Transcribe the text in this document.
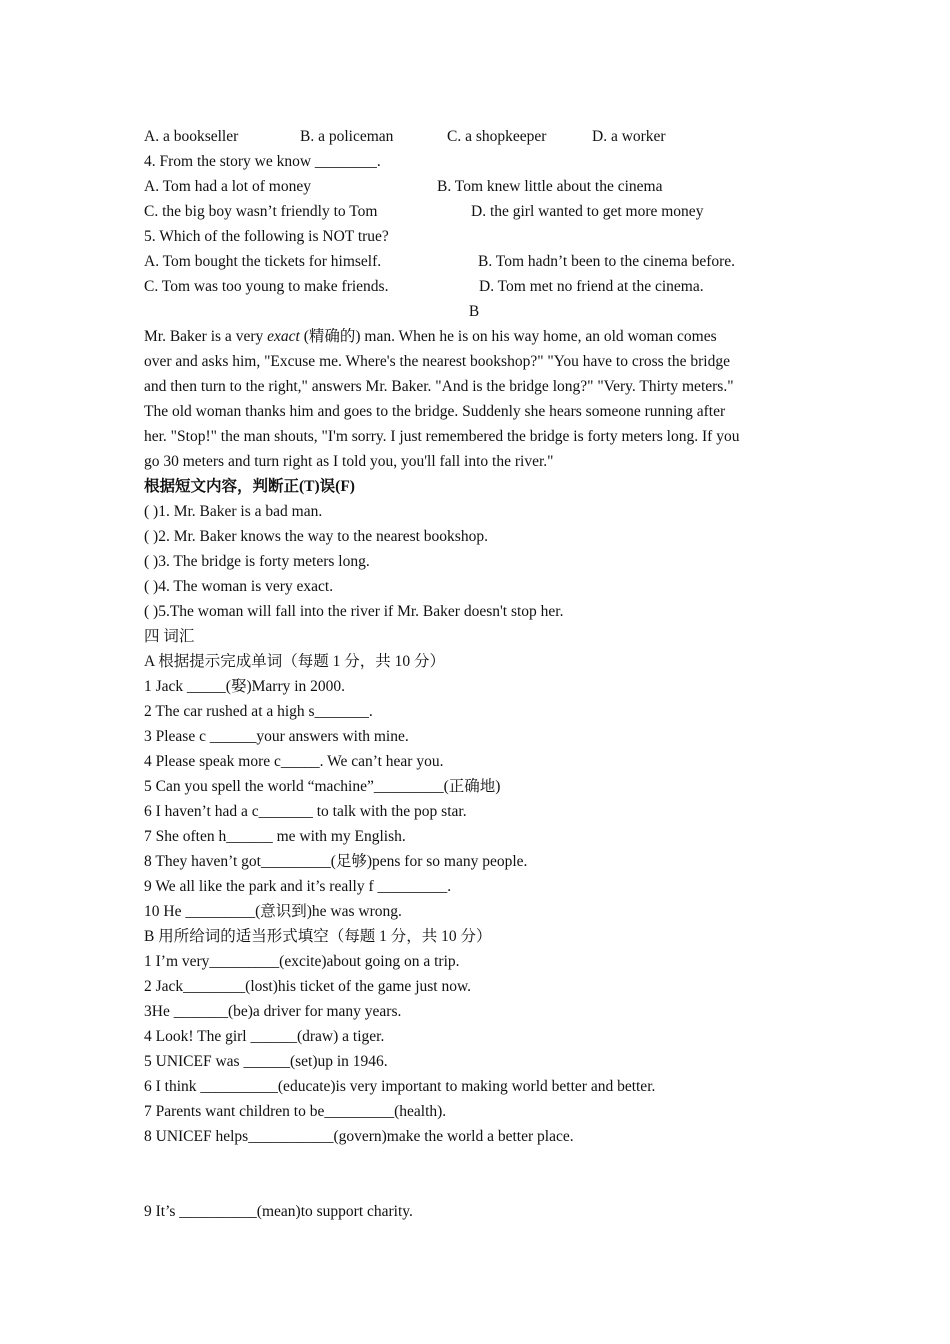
A. a bookseller	B. a policeman	C. a shopkeeper	D. a worker
4. From the story we know ________.
A. Tom had a lot of money	B. Tom knew little about the cinema
C. the big boy wasn’t friendly to Tom	D. the girl wanted to get more money
5. Which of the following is NOT true?
A. Tom bought the tickets for himself.	B. Tom hadn’t been to the cinema before.
C. Tom was too young to make friends.	D. Tom met no friend at the cinema.
B
Mr. Baker is a very exact (精确的) man. When he is on his way home, an old woman comes
over and asks him, "Excuse me. Where's the nearest bookshop?" "You have to cross the bridge
and then turn to the right," answers Mr. Baker. "And is the bridge long?" "Very. Thirty meters."
The old woman thanks him and goes to the bridge. Suddenly she hears someone running after
her. "Stop!" the man shouts, "I'm sorry. I just remembered the bridge is forty meters long. If you
go 30 meters and turn right as I told you, you'll fall into the river."
根据短文内容，判断正(T)误(F)
( )1. Mr. Baker is a bad man.
( )2. Mr. Baker knows the way to the nearest bookshop.
( )3. The bridge is forty meters long.
( )4. The woman is very exact.
( )5.The woman will fall into the river if Mr. Baker doesn't stop her.
四 词汇
A 根据提示完成单词（每题 1 分，共 10 分）
1 Jack _____(娶)Marry in 2000.
2 The car rushed at a high s_______.
3 Please c ______your answers with mine.
4 Please speak more c_____. We can’t hear you.
5 Can you spell the world “machine”_________(正确地)
6 I haven’t had a c_______ to talk with the pop star.
7 She often h______ me with my English.
8 They haven’t got_________(足够)pens for so many people.
9 We all like the park and it’s really f _________.
10 He _________(意识到)he was wrong.
B 用所给词的适当形式填空（每题 1 分，共 10 分）
1 I’m very_________(excite)about going on a trip.
2 Jack________(lost)his ticket of the game just now.
3He _______(be)a driver for many years.
4 Look! The girl ______(draw) a tiger.
5 UNICEF was ______(set)up in 1946.
6 I think __________(educate)is very important to making world better and better.
7 Parents want children to be_________(health).
8 UNICEF helps___________(govern)make the world a better place.
9 It’s __________(mean)to support charity.
